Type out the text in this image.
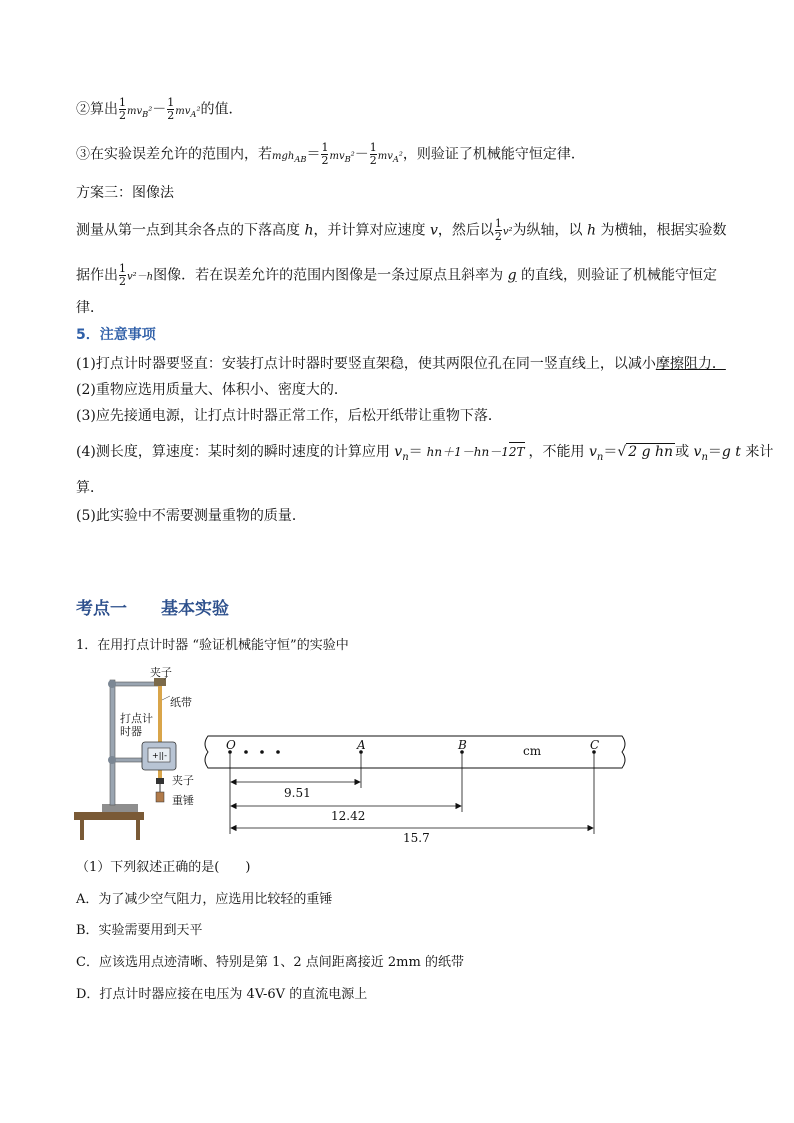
②算出 $\frac{1}{2} mv_B^2- \frac{1}{2} mv_A^2$的值．
③在实验误差允许的范围内，若$mgh_{AB}= \frac{1}{2} mv_B^2- \frac{1}{2} mv_A^2$，则验证了机械能守恒定律．
方案三：图像法
测量从第一点到其余各点的下落高度 h，并计算对应速度 v，然后以 $\frac{1}{2} v^2$为纵轴，以 h 为横轴，根据实验数
据作出 $\frac{1}{2} v^2-h$图像．若在误差允许的范围内图像是一条过原点且斜率为 g 的直线，则验证了机械能守恒定
律．
5．注意事项
(1)打点计时器要竖直：安装打点计时器时要竖直架稳，使其两限位孔在同一竖直线上，以减小摩擦阻力．
(2)重物应选用质量大、体积小、密度大的．
(3)应先接通电源，让打点计时器正常工作，后松开纸带让重物下落．
(4)测长度，算速度：某时刻的瞬时速度的计算应用 $v_n= hn+1-hn-12T$ ，不能用 $v_n=√$ 2 g hn 或 $v_n=g$ t 来计
算．
(5)此实验中不需要测量重物的质量．
考点一 基本实验
1．在用打点计时器 “验证机械能守恒”的实验中
+||-
夹子
纸带
打点计时器
夹子
重锤
O	A	B	cm	C
9.51
12.42
15.7
（1）下列叙述正确的是(　　)
A．为了减少空气阻力，应选用比较轻的重锤
B．实验需要用到天平
C．应该选用点迹清晰、特别是第 1、2 点间距离接近 2mm 的纸带
D．打点计时器应接在电压为 4V-6V 的直流电源上
